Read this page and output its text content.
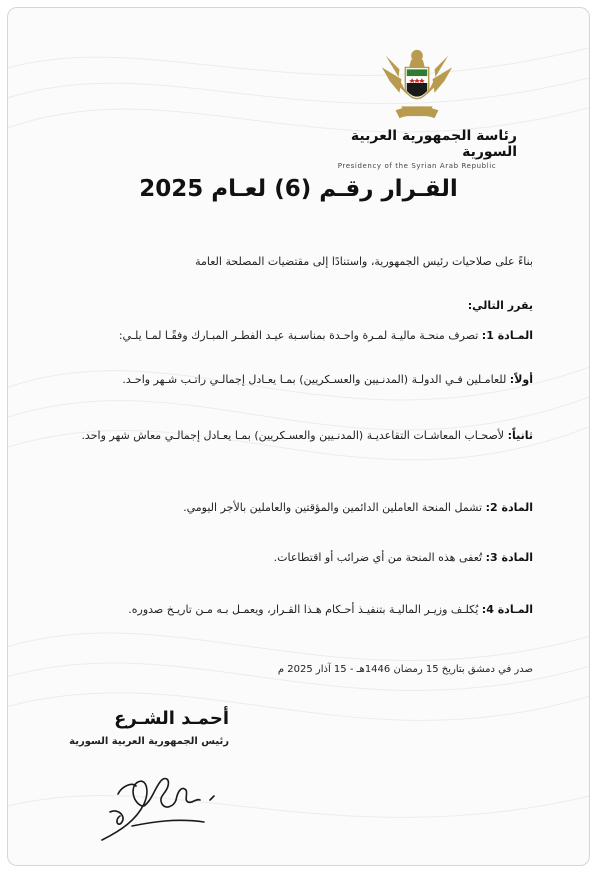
رئاسة الجمهورية العربية السورية
Presidency of the Syrian Arab Republic
القـرار رقـم (6) لعـام 2025
بناءً على صلاحيات رئيس الجمهورية، واستنادًا إلى مقتضيات المصلحة العامة
يقرر التالي:
المـادة 1: تصرف منحـة ماليـة لمـرة واحـدة بمناسـبة عيـد الفطـر المبـارك وفقًـا لمـا يلـي:
أولاً: للعامـلين فـي الدولـة (المدنـيين والعسـكريين) بمـا يعـادل إجمالـي راتـب شـهر واحـد.
ثانياً: لأصحـاب المعاشـات التقاعديـة (المدنـيين والعسـكريين) بمـا يعـادل إجمالـي معاش شهر واحد.
المادة 2: تشمل المنحة العاملين الدائمين والمؤقتين والعاملين بالأجر اليومي.
المادة 3: تُعفى هذه المنحة من أي ضرائب أو اقتطاعات.
المـادة 4: يُكلـف وزيـر الماليـة بتنفيـذ أحـكام هـذا القـرار، ويعمـل بـه مـن تاريـخ صدوره.
صدر في دمشق بتاريخ 15 رمضان 1446هـ - 15 آذار 2025 م
أحمـد الشـرع
رئيس الجمهورية العربية السورية
